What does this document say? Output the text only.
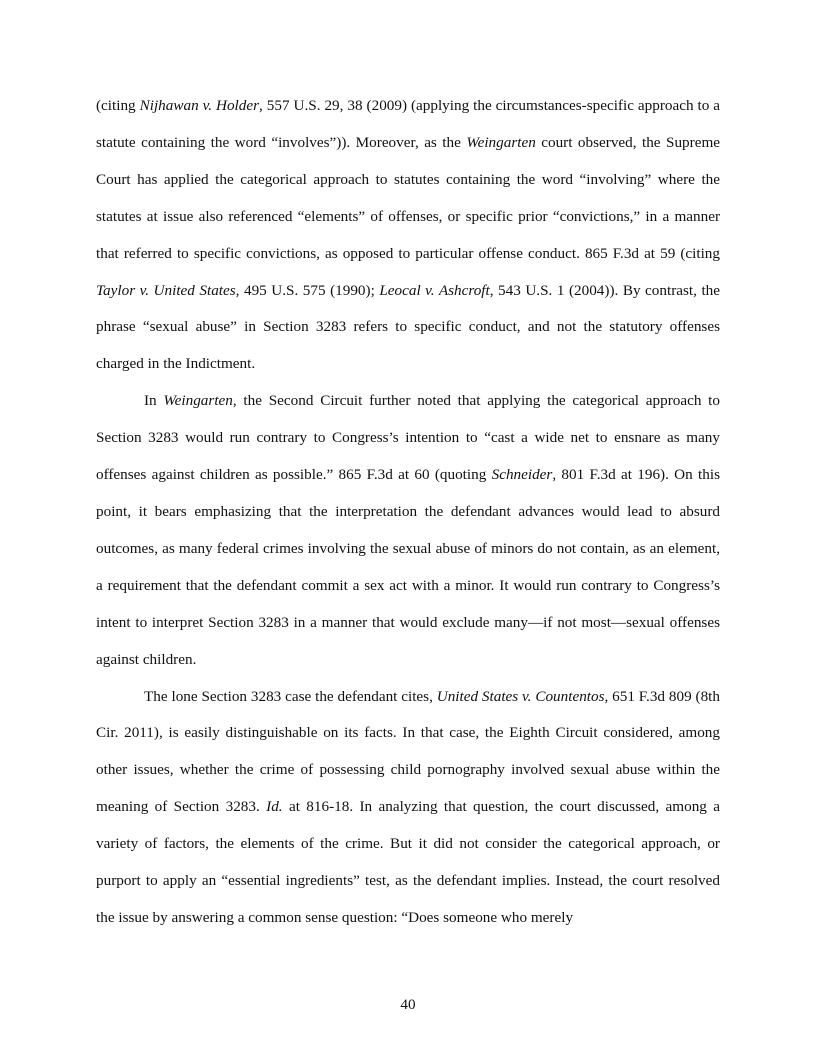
(citing Nijhawan v. Holder, 557 U.S. 29, 38 (2009) (applying the circumstances-specific approach to a statute containing the word “involves”)). Moreover, as the Weingarten court observed, the Supreme Court has applied the categorical approach to statutes containing the word “involving” where the statutes at issue also referenced “elements” of offenses, or specific prior “convictions,” in a manner that referred to specific convictions, as opposed to particular offense conduct. 865 F.3d at 59 (citing Taylor v. United States, 495 U.S. 575 (1990); Leocal v. Ashcroft, 543 U.S. 1 (2004)). By contrast, the phrase “sexual abuse” in Section 3283 refers to specific conduct, and not the statutory offenses charged in the Indictment.

In Weingarten, the Second Circuit further noted that applying the categorical approach to Section 3283 would run contrary to Congress’s intention to “cast a wide net to ensnare as many offenses against children as possible.” 865 F.3d at 60 (quoting Schneider, 801 F.3d at 196). On this point, it bears emphasizing that the interpretation the defendant advances would lead to absurd outcomes, as many federal crimes involving the sexual abuse of minors do not contain, as an element, a requirement that the defendant commit a sex act with a minor. It would run contrary to Congress’s intent to interpret Section 3283 in a manner that would exclude many—if not most—sexual offenses against children.

The lone Section 3283 case the defendant cites, United States v. Countentos, 651 F.3d 809 (8th Cir. 2011), is easily distinguishable on its facts. In that case, the Eighth Circuit considered, among other issues, whether the crime of possessing child pornography involved sexual abuse within the meaning of Section 3283. Id. at 816-18. In analyzing that question, the court discussed, among a variety of factors, the elements of the crime. But it did not consider the categorical approach, or purport to apply an “essential ingredients” test, as the defendant implies. Instead, the court resolved the issue by answering a common sense question: “Does someone who merely

40
